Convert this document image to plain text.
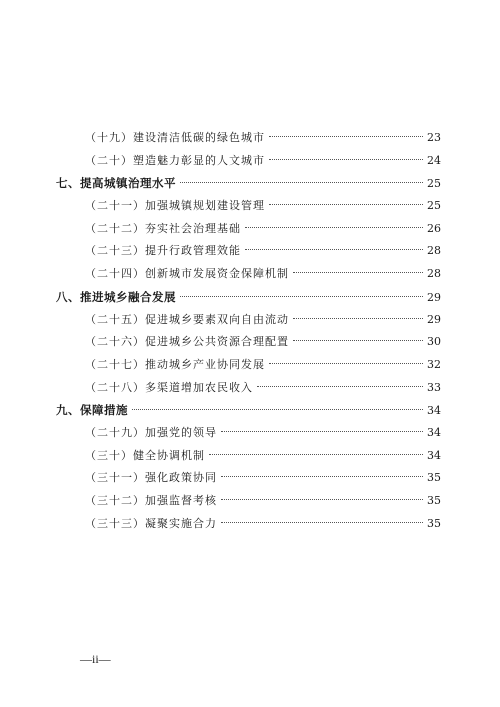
（十九）建设清洁低碳的绿色城市	23
（二十）塑造魅力彰显的人文城市	24
七、提高城镇治理水平	25
（二十一）加强城镇规划建设管理	25
（二十二）夯实社会治理基础	26
（二十三）提升行政管理效能	28
（二十四）创新城市发展资金保障机制	28
八、推进城乡融合发展	29
（二十五）促进城乡要素双向自由流动	29
（二十六）促进城乡公共资源合理配置	30
（二十七）推动城乡产业协同发展	32
（二十八）多渠道增加农民收入	33
九、保障措施	34
（二十九）加强党的领导	34
（三十）健全协调机制	34
（三十一）强化政策协同	35
（三十二）加强监督考核	35
（三十三）凝聚实施合力	35
—ii—
